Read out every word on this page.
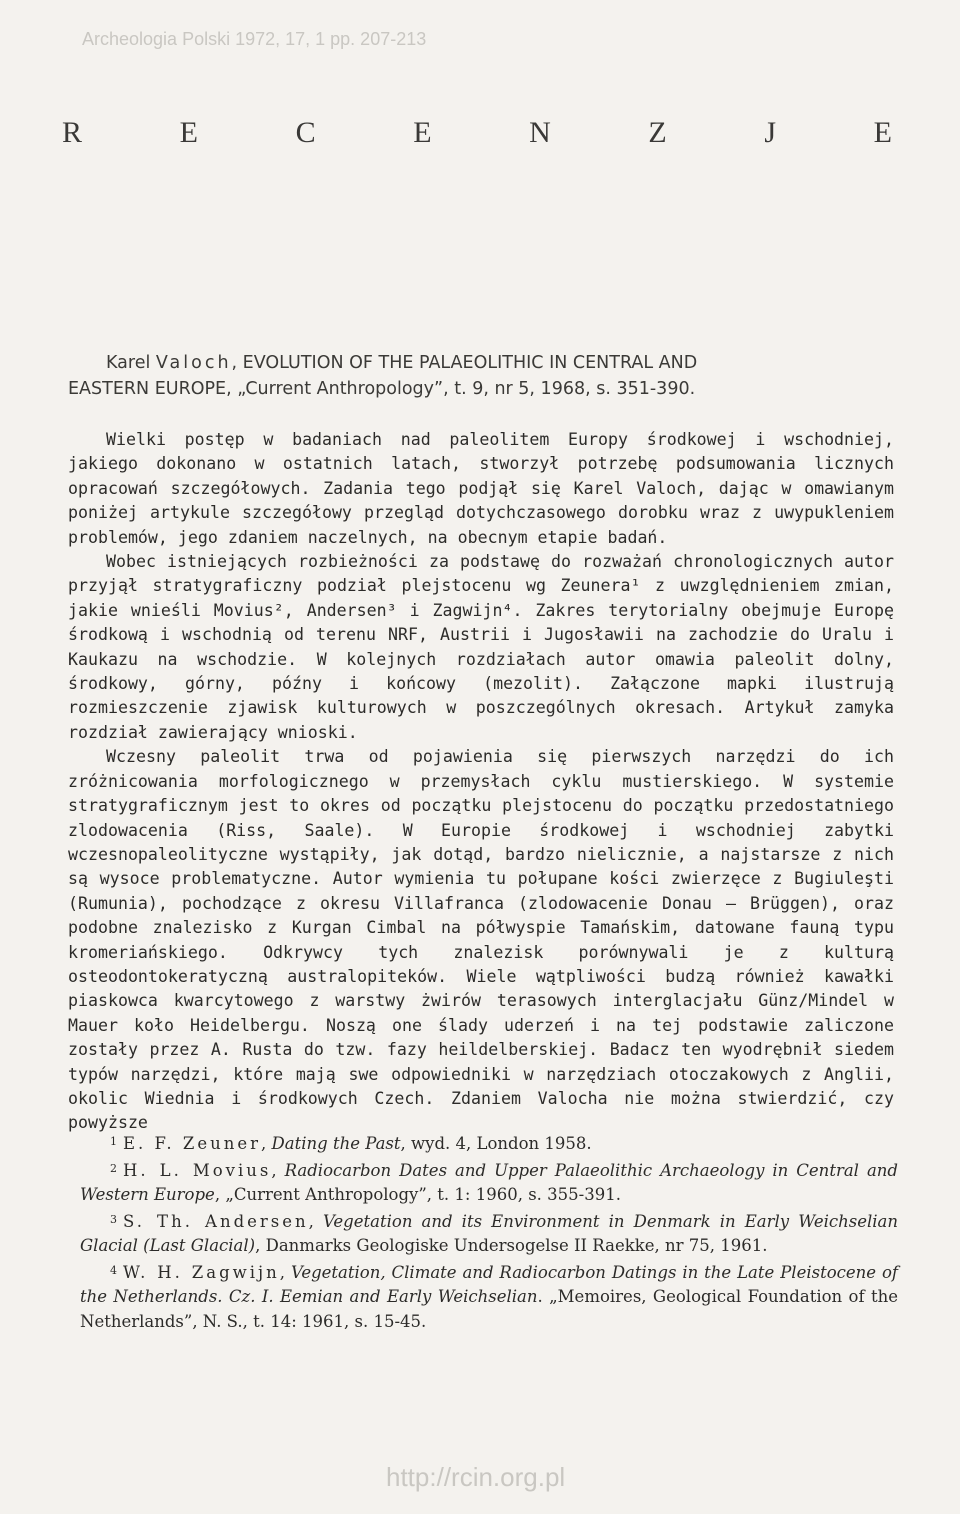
Archeologia Polski 1972, 17, 1 pp. 207-213
R	E	C	E	N	Z	J	E
Karel Valoch, EVOLUTION OF THE PALAEOLITHIC IN CENTRAL AND
EASTERN EUROPE, „Current Anthropology”, t. 9, nr 5, 1968, s. 351-390.

Wielki postęp w badaniach nad paleolitem Europy środkowej i wschodniej, jakiego dokonano w ostatnich latach, stworzył potrzebę podsumowania licznych opracowań szczegółowych. Zadania tego podjął się Karel Valoch, dając w omawianym poniżej artykule szczegółowy przegląd dotychczasowego dorobku wraz z uwypukleniem problemów, jego zdaniem naczelnych, na obecnym etapie badań.

Wobec istniejących rozbieżności za podstawę do rozważań chronologicznych autor przyjął stratygraficzny podział plejstocenu wg Zeunera¹ z uwzględnieniem zmian, jakie wnieśli Movius², Andersen³ i Zagwijn⁴. Zakres terytorialny obejmuje Europę środkową i wschodnią od terenu NRF, Austrii i Jugosławii na zachodzie do Uralu i Kaukazu na wschodzie. W kolejnych rozdziałach autor omawia paleolit dolny, środkowy, górny, późny i końcowy (mezolit). Załączone mapki ilustrują rozmieszczenie zjawisk kulturowych w poszczególnych okresach. Artykuł zamyka rozdział zawierający wnioski.

Wczesny paleolit trwa od pojawienia się pierwszych narzędzi do ich zróżnicowania morfologicznego w przemysłach cyklu mustierskiego. W systemie stratygraficznym jest to okres od początku plejstocenu do początku przedostatniego zlodowacenia (Riss, Saale). W Europie środkowej i wschodniej zabytki wczesnopaleolityczne wystąpiły, jak dotąd, bardzo nielicznie, a najstarsze z nich są wysoce problematyczne. Autor wymienia tu połupane kości zwierzęce z Bugiuleşti (Rumunia), pochodzące z okresu Villafranca (zlodowacenie Donau — Brüggen), oraz podobne znalezisko z Kurgan Cimbal na półwyspie Tamańskim, datowane fauną typu kromeriańskiego. Odkrywcy tych znalezisk porównywali je z kulturą osteodontokeratyczną australopiteków. Wiele wątpliwości budzą również kawałki piaskowca kwarcytowego z warstwy żwirów terasowych interglacjału Günz/Mindel w Mauer koło Heidelbergu. Noszą one ślady uderzeń i na tej podstawie zaliczone zostały przez A. Rusta do tzw. fazy heildelberskiej. Badacz ten wyodrębnił siedem typów narzędzi, które mają swe odpowiedniki w narzędziach otoczakowych z Anglii, okolic Wiednia i środkowych Czech. Zdaniem Valocha nie można stwierdzić, czy powyższe

$^1$ E. F. Zeuner, Dating the Past, wyd. 4, London 1958.

$^2$ H. L. Movius, Radiocarbon Dates and Upper Palaeolithic Archaeology in Central and Western Europe, „Current Anthropology”, t. 1: 1960, s. 355-391.

$^3$ S. Th. Andersen, Vegetation and its Environment in Denmark in Early Weichselian Glacial (Last Glacial), Danmarks Geologiske Undersogelse II Raekke, nr 75, 1961.

$^4$ W. H. Zagwijn, Vegetation, Climate and Radiocarbon Datings in the Late Pleistocene of the Netherlands. Cz. I. Eemian and Early Weichselian. „Memoires, Geological Foundation of the Netherlands”, N. S., t. 14: 1961, s. 15-45.

http://rcin.org.pl
